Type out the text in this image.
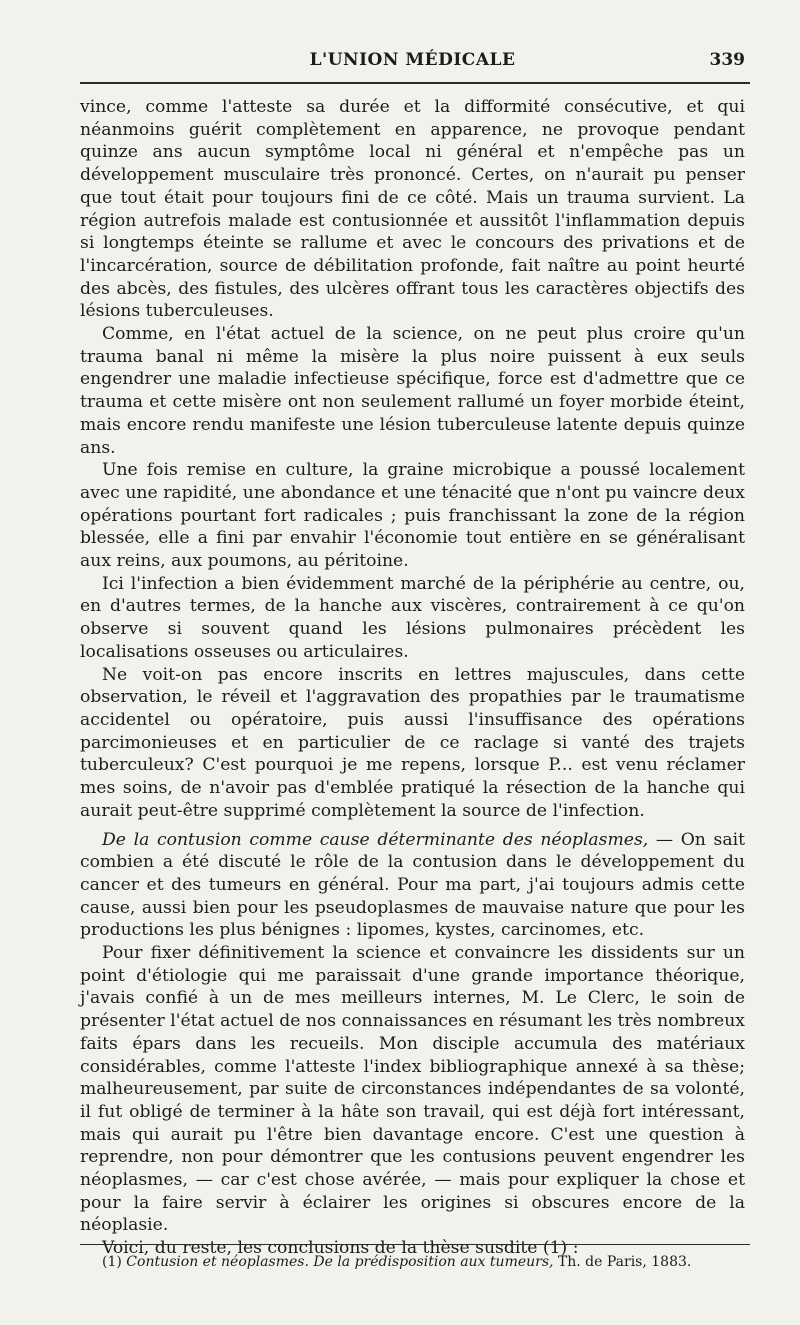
L'UNION MÉDICALE	339

vince, comme l'atteste sa durée et la difformité consécutive, et qui néanmoins guérit complètement en apparence, ne provoque pendant quinze ans aucun symptôme local ni général et n'empêche pas un développement musculaire très prononcé. Certes, on n'aurait pu penser que tout était pour toujours fini de ce côté. Mais un trauma survient. La région autrefois malade est contusionnée et aussitôt l'inflammation depuis si longtemps éteinte se rallume et avec le concours des privations et de l'incarcération, source de débilitation profonde, fait naître au point heurté des abcès, des fistules, des ulcères offrant tous les caractères objectifs des lésions tuberculeuses.

Comme, en l'état actuel de la science, on ne peut plus croire qu'un trauma banal ni même la misère la plus noire puissent à eux seuls engendrer une maladie infectieuse spécifique, force est d'admettre que ce trauma et cette misère ont non seulement rallumé un foyer morbide éteint, mais encore rendu manifeste une lésion tuberculeuse latente depuis quinze ans.

Une fois remise en culture, la graine microbique a poussé localement avec une rapidité, une abondance et une ténacité que n'ont pu vaincre deux opérations pourtant fort radicales ; puis franchissant la zone de la région blessée, elle a fini par envahir l'économie tout entière en se généralisant aux reins, aux poumons, au péritoine.

Ici l'infection a bien évidemment marché de la périphérie au centre, ou, en d'autres termes, de la hanche aux viscères, contrairement à ce qu'on observe si souvent quand les lésions pulmonaires précèdent les localisations osseuses ou articulaires.

Ne voit-on pas encore inscrits en lettres majuscules, dans cette observation, le réveil et l'aggravation des propathies par le traumatisme accidentel ou opératoire, puis aussi l'insuffisance des opérations parcimonieuses et en particulier de ce raclage si vanté des trajets tuberculeux? C'est pourquoi je me repens, lorsque P... est venu réclamer mes soins, de n'avoir pas d'emblée pratiqué la résection de la hanche qui aurait peut-être supprimé complètement la source de l'infection.

De la contusion comme cause déterminante des néoplasmes, — On sait combien a été discuté le rôle de la contusion dans le développement du cancer et des tumeurs en général. Pour ma part, j'ai toujours admis cette cause, aussi bien pour les pseudoplasmes de mauvaise nature que pour les productions les plus bénignes : lipomes, kystes, carcinomes, etc.

Pour fixer définitivement la science et convaincre les dissidents sur un point d'étiologie qui me paraissait d'une grande importance théorique, j'avais confié à un de mes meilleurs internes, M. Le Clerc, le soin de présenter l'état actuel de nos connaissances en résumant les très nombreux faits épars dans les recueils. Mon disciple accumula des matériaux considérables, comme l'atteste l'index bibliographique annexé à sa thèse; malheureusement, par suite de circonstances indépendantes de sa volonté, il fut obligé de terminer à la hâte son travail, qui est déjà fort intéressant, mais qui aurait pu l'être bien davantage encore. C'est une question à reprendre, non pour démontrer que les contusions peuvent engendrer les néoplasmes, — car c'est chose avérée, — mais pour expliquer la chose et pour la faire servir à éclairer les origines si obscures encore de la néoplasie.

Voici, du reste, les conclusions de la thèse susdite (1) :

(1) Contusion et néoplasmes. De la prédisposition aux tumeurs, Th. de Paris, 1883.
